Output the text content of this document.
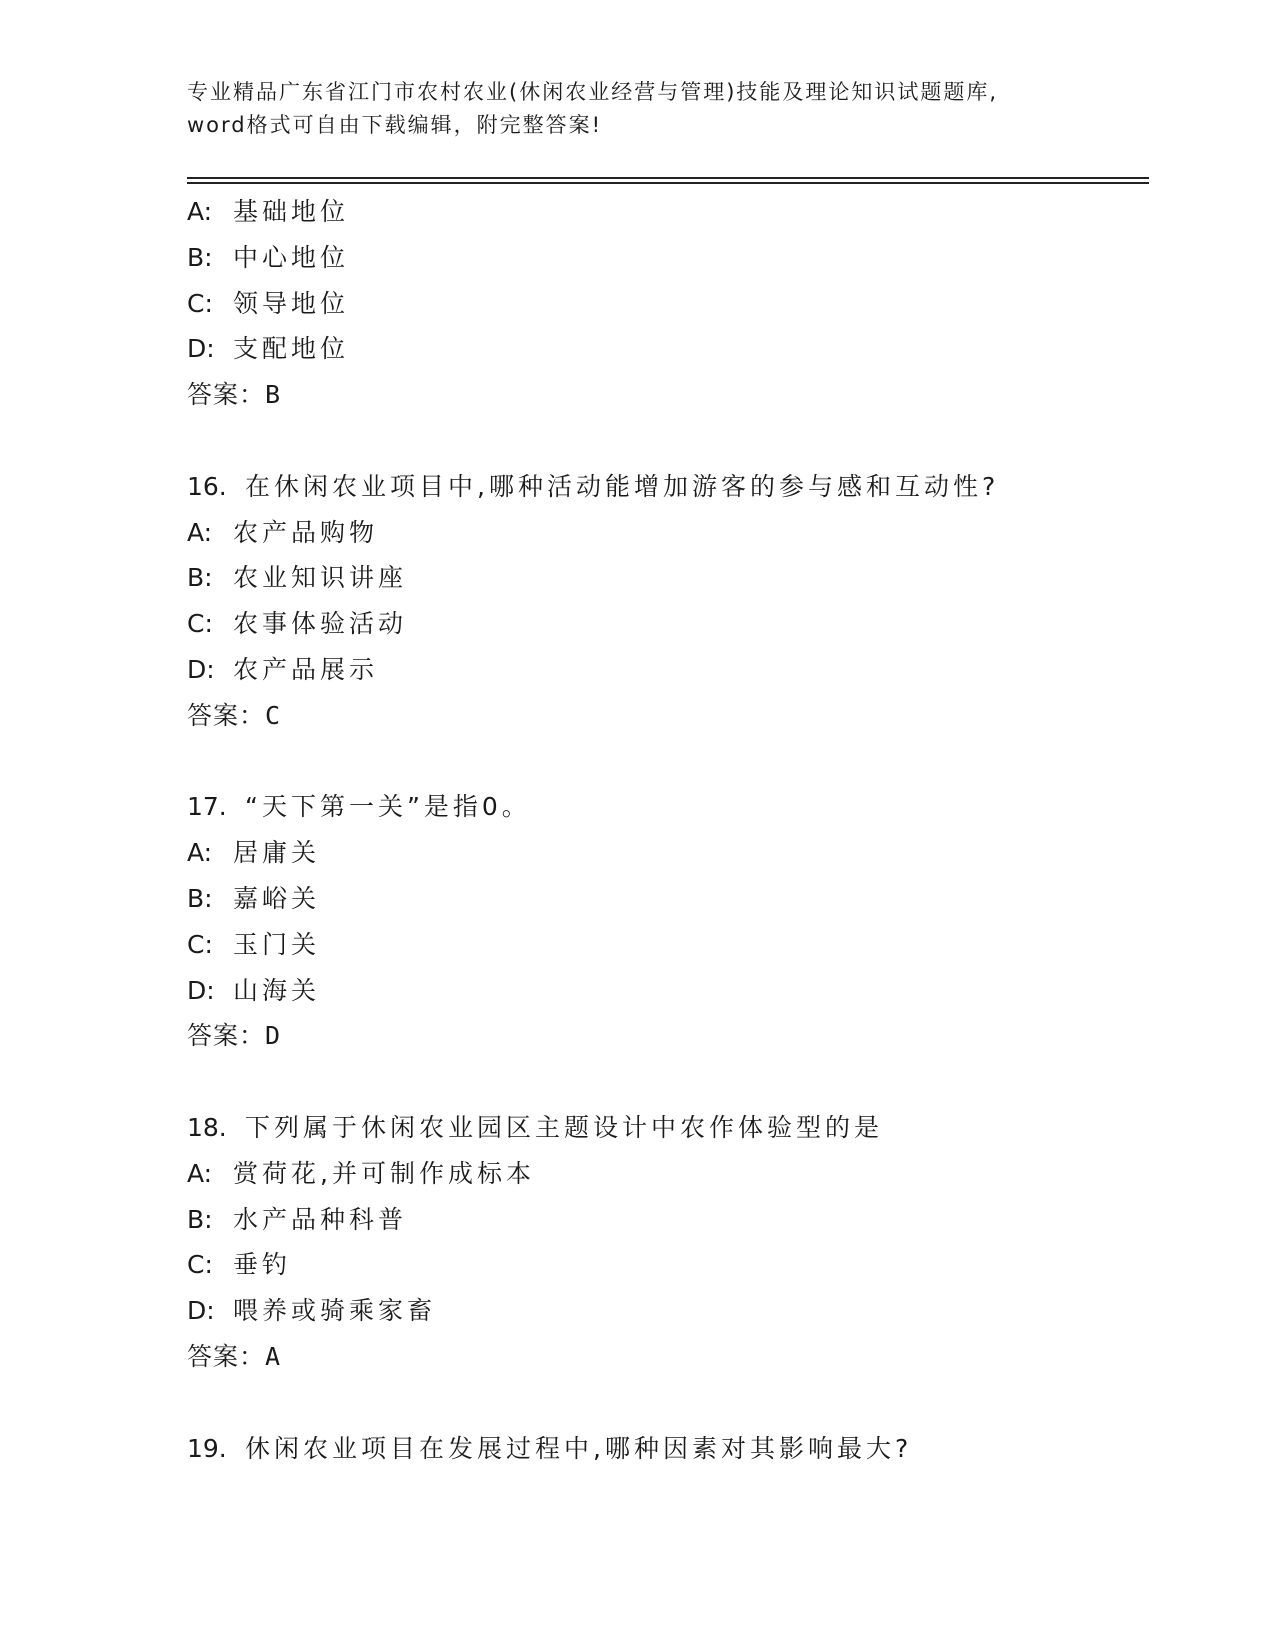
专业精品广东省江门市农村农业(休闲农业经营与管理)技能及理论知识试题题库,
word格式可自由下载编辑，附完整答案!
A: 基础地位
B: 中心地位
C: 领导地位
D: 支配地位
答案：B
16. 在休闲农业项目中,哪种活动能增加游客的参与感和互动性?
A: 农产品购物
B: 农业知识讲座
C: 农事体验活动
D: 农产品展示
答案：C
17. “天下第一关”是指0。
A: 居庸关
B: 嘉峪关
C: 玉门关
D: 山海关
答案：D
18. 下列属于休闲农业园区主题设计中农作体验型的是
A: 赏荷花,并可制作成标本
B: 水产品种科普
C: 垂钓
D: 喂养或骑乘家畜
答案：A
19. 休闲农业项目在发展过程中,哪种因素对其影响最大?
